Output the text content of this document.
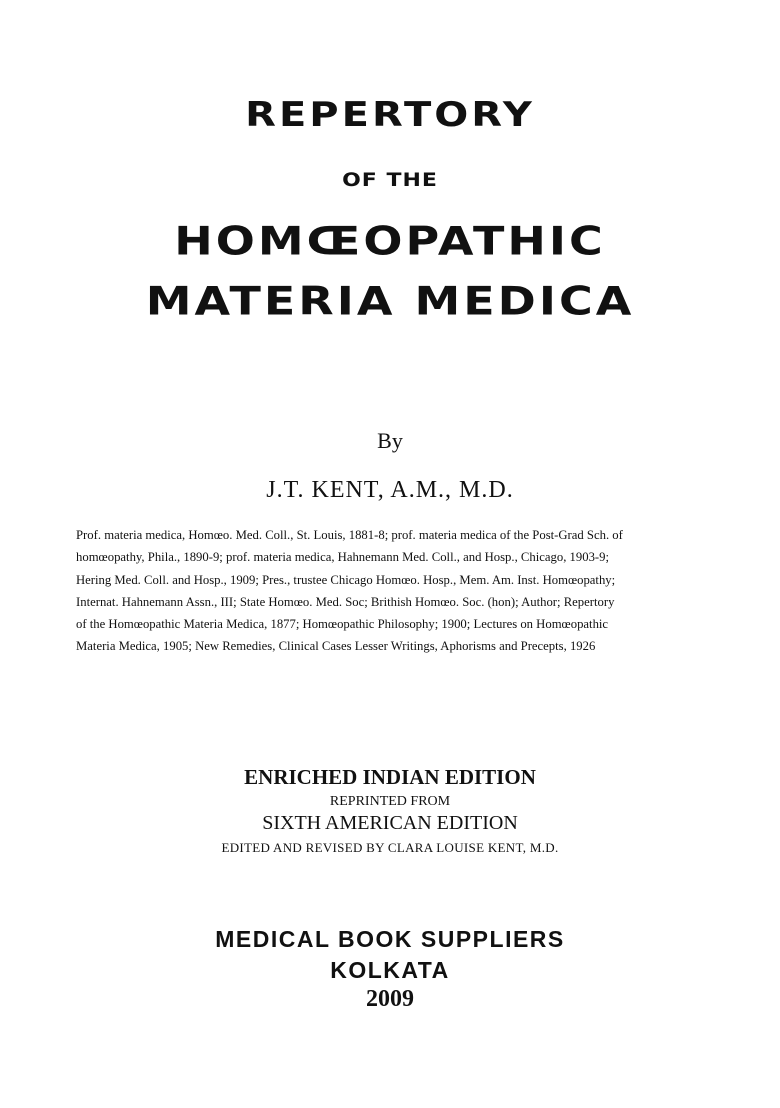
REPERTORY
OF THE
HOMŒOPATHIC
MATERIA MEDICA
By
J.T. KENT, A.M., M.D.
Prof. materia medica, Homœo. Med. Coll., St. Louis, 1881-8; prof. materia medica of the Post-Grad Sch. of
homœopathy, Phila., 1890-9; prof. materia medica, Hahnemann Med. Coll., and Hosp., Chicago, 1903-9;
Hering Med. Coll. and Hosp., 1909; Pres., trustee Chicago Homœo. Hosp., Mem. Am. Inst. Homœopathy;
Internat. Hahnemann Assn., III; State Homœo. Med. Soc; Brithish Homœo. Soc. (hon); Author; Repertory
of the Homœopathic Materia Medica, 1877; Homœopathic Philosophy; 1900; Lectures on Homœopathic
Materia Medica, 1905; New Remedies, Clinical Cases Lesser Writings, Aphorisms and Precepts, 1926
ENRICHED INDIAN EDITION
REPRINTED FROM
SIXTH AMERICAN EDITION
EDITED AND REVISED BY CLARA LOUISE KENT, M.D.
MEDICAL BOOK SUPPLIERS
KOLKATA
2009
